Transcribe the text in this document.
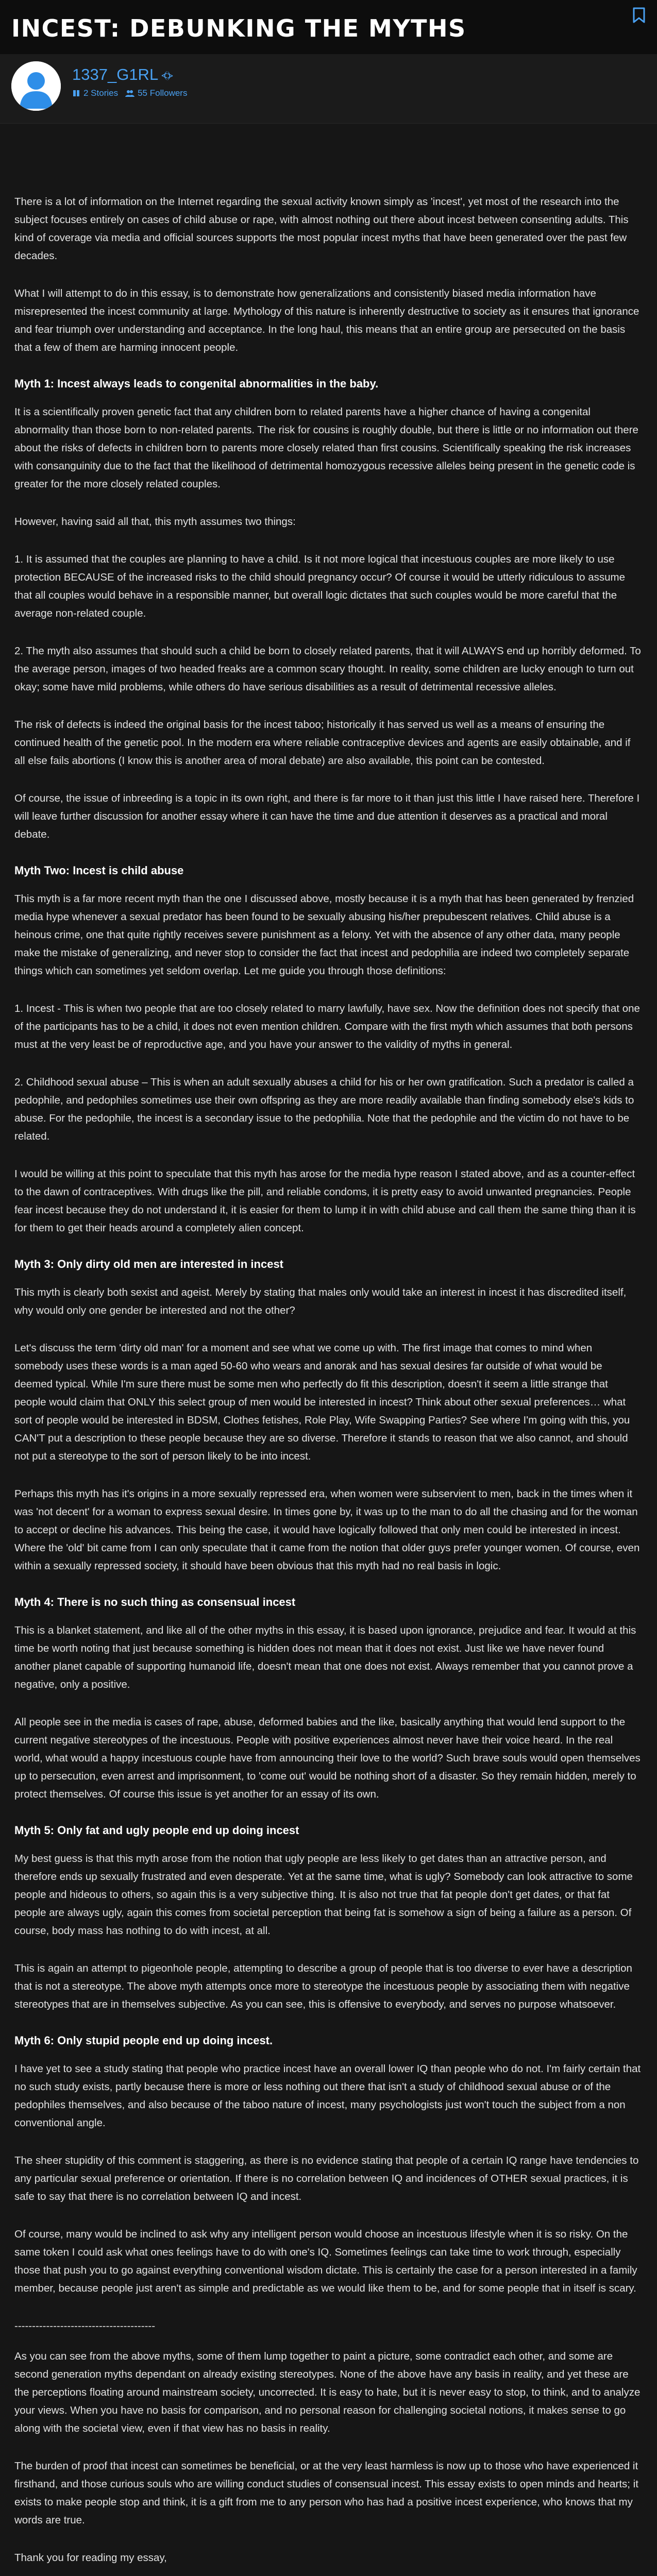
INCEST: DEBUNKING THE MYTHS
1337_G1RL ⦓⦔
2 Stories 55 Followers

There is a lot of information on the Internet regarding the sexual activity known simply as 'incest', yet most of the research into the subject focuses entirely on cases of child abuse or rape, with almost nothing out there about incest between consenting adults. This kind of coverage via media and official sources supports the most popular incest myths that have been generated over the past few decades.

What I will attempt to do in this essay, is to demonstrate how generalizations and consistently biased media information have misrepresented the incest community at large. Mythology of this nature is inherently destructive to society as it ensures that ignorance and fear triumph over understanding and acceptance. In the long haul, this means that an entire group are persecuted on the basis that a few of them are harming innocent people.

Myth 1: Incest always leads to congenital abnormalities in the baby.

It is a scientifically proven genetic fact that any children born to related parents have a higher chance of having a congenital abnormality than those born to non-related parents. The risk for cousins is roughly double, but there is little or no information out there about the risks of defects in children born to parents more closely related than first cousins. Scientifically speaking the risk increases with consanguinity due to the fact that the likelihood of detrimental homozygous recessive alleles being present in the genetic code is greater for the more closely related couples.

However, having said all that, this myth assumes two things:

1. It is assumed that the couples are planning to have a child. Is it not more logical that incestuous couples are more likely to use protection BECAUSE of the increased risks to the child should pregnancy occur? Of course it would be utterly ridiculous to assume that all couples would behave in a responsible manner, but overall logic dictates that such couples would be more careful that the average non-related couple.

2. The myth also assumes that should such a child be born to closely related parents, that it will ALWAYS end up horribly deformed. To the average person, images of two headed freaks are a common scary thought. In reality, some children are lucky enough to turn out okay; some have mild problems, while others do have serious disabilities as a result of detrimental recessive alleles.

The risk of defects is indeed the original basis for the incest taboo; historically it has served us well as a means of ensuring the continued health of the genetic pool. In the modern era where reliable contraceptive devices and agents are easily obtainable, and if all else fails abortions (I know this is another area of moral debate) are also available, this point can be contested.

Of course, the issue of inbreeding is a topic in its own right, and there is far more to it than just this little I have raised here. Therefore I will leave further discussion for another essay where it can have the time and due attention it deserves as a practical and moral debate.

Myth Two: Incest is child abuse

This myth is a far more recent myth than the one I discussed above, mostly because it is a myth that has been generated by frenzied media hype whenever a sexual predator has been found to be sexually abusing his/her prepubescent relatives. Child abuse is a heinous crime, one that quite rightly receives severe punishment as a felony. Yet with the absence of any other data, many people make the mistake of generalizing, and never stop to consider the fact that incest and pedophilia are indeed two completely separate things which can sometimes yet seldom overlap. Let me guide you through those definitions:

1. Incest - This is when two people that are too closely related to marry lawfully, have sex. Now the definition does not specify that one of the participants has to be a child, it does not even mention children. Compare with the first myth which assumes that both persons must at the very least be of reproductive age, and you have your answer to the validity of myths in general.

2. Childhood sexual abuse – This is when an adult sexually abuses a child for his or her own gratification. Such a predator is called a pedophile, and pedophiles sometimes use their own offspring as they are more readily available than finding somebody else's kids to abuse. For the pedophile, the incest is a secondary issue to the pedophilia. Note that the pedophile and the victim do not have to be related.

I would be willing at this point to speculate that this myth has arose for the media hype reason I stated above, and as a counter-effect to the dawn of contraceptives. With drugs like the pill, and reliable condoms, it is pretty easy to avoid unwanted pregnancies. People fear incest because they do not understand it, it is easier for them to lump it in with child abuse and call them the same thing than it is for them to get their heads around a completely alien concept.

Myth 3: Only dirty old men are interested in incest

This myth is clearly both sexist and ageist. Merely by stating that males only would take an interest in incest it has discredited itself, why would only one gender be interested and not the other?

Let's discuss the term 'dirty old man' for a moment and see what we come up with. The first image that comes to mind when somebody uses these words is a man aged 50-60 who wears and anorak and has sexual desires far outside of what would be deemed typical. While I'm sure there must be some men who perfectly do fit this description, doesn't it seem a little strange that people would claim that ONLY this select group of men would be interested in incest? Think about other sexual preferences… what sort of people would be interested in BDSM, Clothes fetishes, Role Play, Wife Swapping Parties? See where I'm going with this, you CAN'T put a description to these people because they are so diverse. Therefore it stands to reason that we also cannot, and should not put a stereotype to the sort of person likely to be into incest.

Perhaps this myth has it's origins in a more sexually repressed era, when women were subservient to men, back in the times when it was 'not decent' for a woman to express sexual desire. In times gone by, it was up to the man to do all the chasing and for the woman to accept or decline his advances. This being the case, it would have logically followed that only men could be interested in incest. Where the 'old' bit came from I can only speculate that it came from the notion that older guys prefer younger women. Of course, even within a sexually repressed society, it should have been obvious that this myth had no real basis in logic.

Myth 4: There is no such thing as consensual incest

This is a blanket statement, and like all of the other myths in this essay, it is based upon ignorance, prejudice and fear. It would at this time be worth noting that just because something is hidden does not mean that it does not exist. Just like we have never found another planet capable of supporting humanoid life, doesn't mean that one does not exist. Always remember that you cannot prove a negative, only a positive.

All people see in the media is cases of rape, abuse, deformed babies and the like, basically anything that would lend support to the current negative stereotypes of the incestuous. People with positive experiences almost never have their voice heard. In the real world, what would a happy incestuous couple have from announcing their love to the world? Such brave souls would open themselves up to persecution, even arrest and imprisonment, to 'come out' would be nothing short of a disaster. So they remain hidden, merely to protect themselves. Of course this issue is yet another for an essay of its own.

Myth 5: Only fat and ugly people end up doing incest

My best guess is that this myth arose from the notion that ugly people are less likely to get dates than an attractive person, and therefore ends up sexually frustrated and even desperate. Yet at the same time, what is ugly? Somebody can look attractive to some people and hideous to others, so again this is a very subjective thing. It is also not true that fat people don't get dates, or that fat people are always ugly, again this comes from societal perception that being fat is somehow a sign of being a failure as a person. Of course, body mass has nothing to do with incest, at all.

This is again an attempt to pigeonhole people, attempting to describe a group of people that is too diverse to ever have a description that is not a stereotype. The above myth attempts once more to stereotype the incestuous people by associating them with negative stereotypes that are in themselves subjective. As you can see, this is offensive to everybody, and serves no purpose whatsoever.

Myth 6: Only stupid people end up doing incest.

I have yet to see a study stating that people who practice incest have an overall lower IQ than people who do not. I'm fairly certain that no such study exists, partly because there is more or less nothing out there that isn't a study of childhood sexual abuse or of the pedophiles themselves, and also because of the taboo nature of incest, many psychologists just won't touch the subject from a non conventional angle.

The sheer stupidity of this comment is staggering, as there is no evidence stating that people of a certain IQ range have tendencies to any particular sexual preference or orientation. If there is no correlation between IQ and incidences of OTHER sexual practices, it is safe to say that there is no correlation between IQ and incest.

Of course, many would be inclined to ask why any intelligent person would choose an incestuous lifestyle when it is so risky. On the same token I could ask what ones feelings have to do with one's IQ. Sometimes feelings can take time to work through, especially those that push you to go against everything conventional wisdom dictate. This is certainly the case for a person interested in a family member, because people just aren't as simple and predictable as we would like them to be, and for some people that in itself is scary.

----------------------------------------

As you can see from the above myths, some of them lump together to paint a picture, some contradict each other, and some are second generation myths dependant on already existing stereotypes. None of the above have any basis in reality, and yet these are the perceptions floating around mainstream society, uncorrected. It is easy to hate, but it is never easy to stop, to think, and to analyze your views. When you have no basis for comparison, and no personal reason for challenging societal notions, it makes sense to go along with the societal view, even if that view has no basis in reality.

The burden of proof that incest can sometimes be beneficial, or at the very least harmless is now up to those who have experienced it firsthand, and those curious souls who are willing conduct studies of consensual incest. This essay exists to open minds and hearts; it exists to make people stop and think, it is a gift from me to any person who has had a positive incest experience, who knows that my words are true.

Thank you for reading my essay,
